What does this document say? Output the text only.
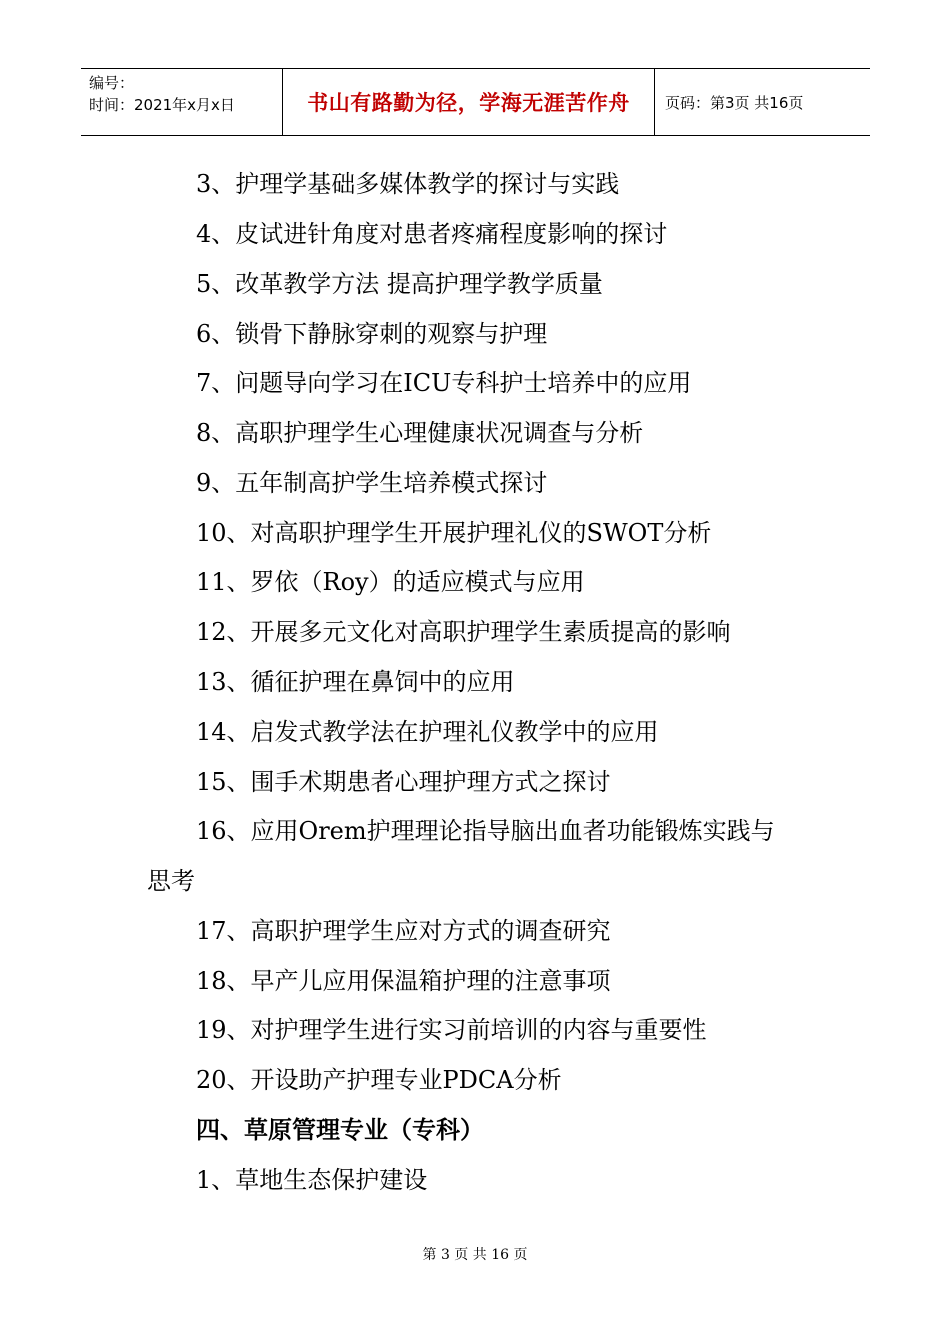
编号：
时间：2021年x月x日	书山有路勤为径，学海无涯苦作舟	页码：第3页 共16页
3、护理学基础多媒体教学的探讨与实践
4、皮试进针角度对患者疼痛程度影响的探讨
5、改革教学方法 提高护理学教学质量
6、锁骨下静脉穿刺的观察与护理
7、问题导向学习在ICU专科护士培养中的应用
8、高职护理学生心理健康状况调查与分析
9、五年制高护学生培养模式探讨
10、对高职护理学生开展护理礼仪的SWOT分析
11、罗依（Roy）的适应模式与应用
12、开展多元文化对高职护理学生素质提高的影响
13、循征护理在鼻饲中的应用
14、启发式教学法在护理礼仪教学中的应用
15、围手术期患者心理护理方式之探讨
16、应用Orem护理理论指导脑出血者功能锻炼实践与
思考
17、高职护理学生应对方式的调查研究
18、早产儿应用保温箱护理的注意事项
19、对护理学生进行实习前培训的内容与重要性
20、开设助产护理专业PDCA分析
四、草原管理专业（专科）
1、草地生态保护建设
第 3 页 共 16 页
